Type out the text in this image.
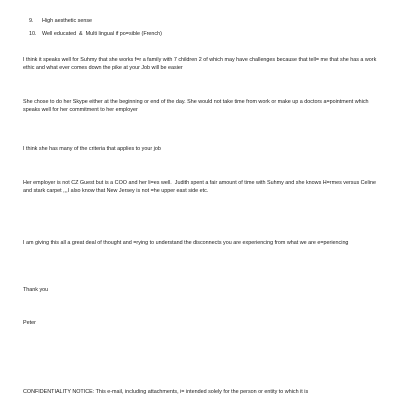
9. High aesthetic sense

10. Well educated  &  Multi lingual if po=sible (French)

I think it speaks well for Suhmy that she works f=r a family with 7 children 2 of which may have challenges because that tell= me that she has a work ethic and what ever comes down the pike at your Job will be easier
She chose to do her Skype either at the beginning or end of the day. She would not take time from work or make up a doctors a=pointment which speaks well for her commitment to her employer
I think she has many of the criteria that applies to your job
Her employer is not CZ Guest but is a COO and her li=es well.  Judith spent a fair amount of time with Suhmy and she knows H=rmes versus Celine and stark carpet ,,,I also know that New Jersey is not =he upper east side etc.
I am giving this all a great deal of thought and =rying to understand the disconnects you are experiencing from what we are e=periencing
Thank you
Peter
CONFIDENTIALITY NOTICE: This e-mail, including attachments, i= intended solely for the person or entity to which it is
